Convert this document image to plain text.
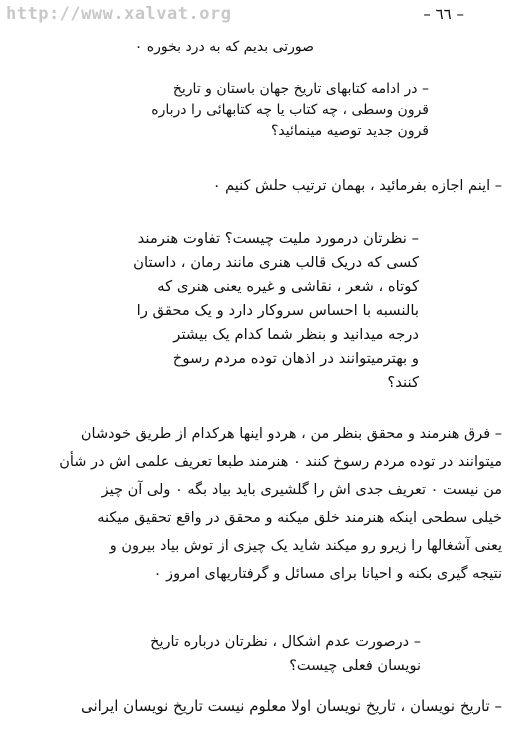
http://www.xalvat.org	– ٦٦ –
صورتی بدیم که به درد بخوره ٠
– در ادامه کتابهای تاریخ جهان باستان و تاریخ
قرون وسطی ، چه کتاب یا چه کتابهائی را درباره
قرون جدید توصیه مینمائید؟
– اینم اجازه بفرمائید ، بهمان ترتیب حلش کنیم ٠
– نظرتان درمورد ملیت چیست؟ تفاوت هنرمند
کسی که دریک قالب هنری مانند رمان ، داستان
کوتاه ، شعر ، نقاشی و غیره یعنی هنری که
بالنسبه با احساس سروکار دارد و یک محقق را
درجه میدانید و بنظر شما کدام یک بیشتر
و بهترمیتوانند در اذهان توده مردم رسوخ
کنند؟
– فرق هنرمند و محقق بنظر من ، هردو اینها هرکدام از طریق خودشان
میتوانند در توده مردم رسوخ کنند ٠ هنرمند طبعا تعریف علمی اش در شأن
من نیست ٠ تعریف جدی اش را گلشیری باید بیاد بگه ٠ ولی آن چیز
خیلی سطحی اینکه هنرمند خلق میکنه و محقق در واقع تحقیق میکنه
یعنی آشغالها را زیرو رو میکند شاید یک چیزی از توش بیاد بیرون و
نتیجه گیری بکنه و احیانا برای مسائل و گرفتاریهای امروز ٠
– درصورت عدم اشکال ، نظرتان درباره تاریخ
نویسان فعلی چیست؟
– تاریخ نویسان ، تاریخ نویسان اولا معلوم نیست تاریخ نویسان ایرانی
